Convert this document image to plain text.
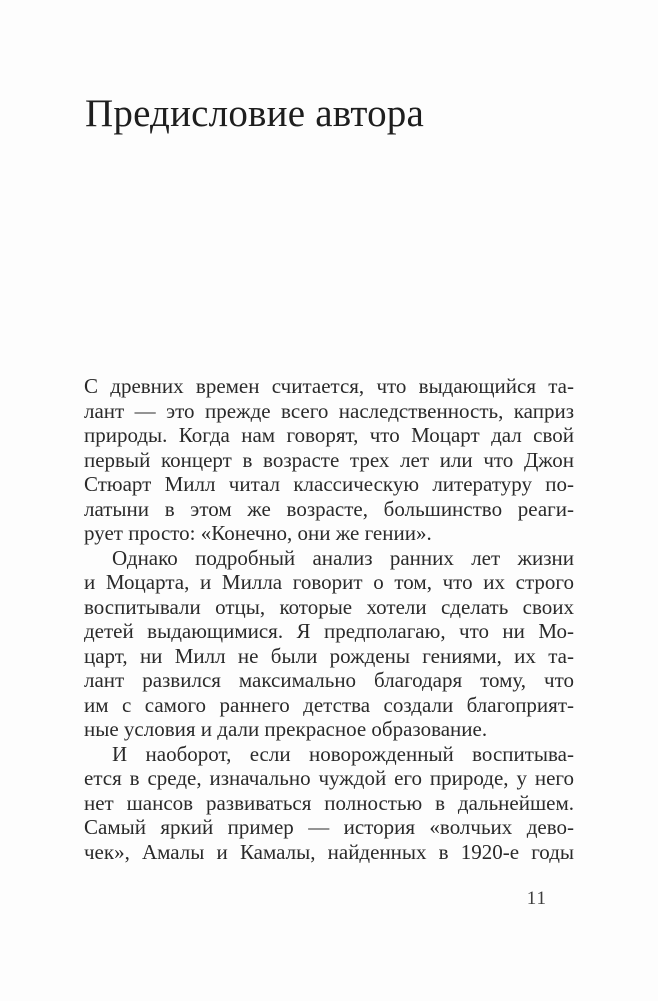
Предисловие автора
С древних времен считается, что выдающийся та-
лант — это прежде всего наследственность, каприз
природы. Когда нам говорят, что Моцарт дал свой
первый концерт в возрасте трех лет или что Джон
Стюарт Милл читал классическую литературу по-
латыни в этом же возрасте, большинство реаги-
рует просто: «Конечно, они же гении».
Однако подробный анализ ранних лет жизни
и Моцарта, и Милла говорит о том, что их строго
воспитывали отцы, которые хотели сделать своих
детей выдающимися. Я предполагаю, что ни Мо-
царт, ни Милл не были рождены гениями, их та-
лант развился максимально благодаря тому, что
им с самого раннего детства создали благоприят-
ные условия и дали прекрасное образование.
И наоборот, если новорожденный воспитыва-
ется в среде, изначально чуждой его природе, у него
нет шансов развиваться полностью в дальнейшем.
Самый яркий пример — история «волчьих дево-
чек», Амалы и Камалы, найденных в 1920-е годы
11
